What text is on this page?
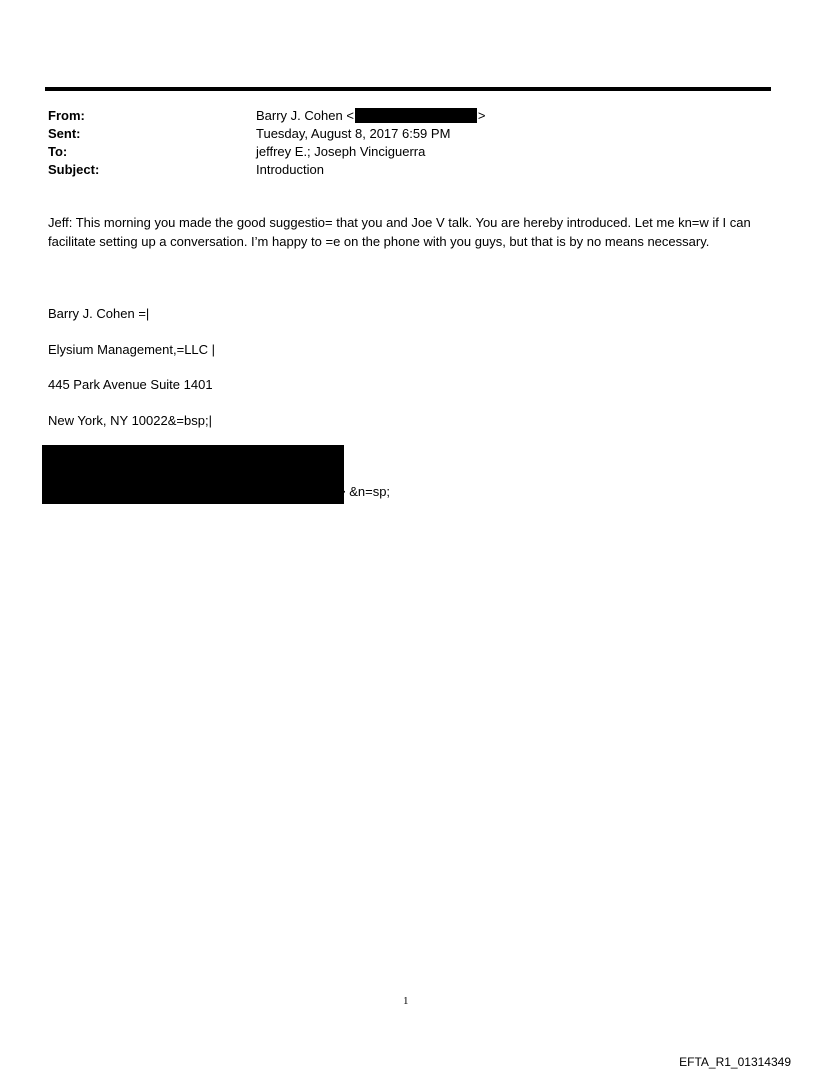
From:	Barry J. Cohen <	>
Sent:	Tuesday, August 8, 2017 6:59 PM
To:	jeffrey E.; Joseph Vinciguerra
Subject:	Introduction

Jeff: This morning you made the good suggestio= that you and Joe V talk. You are hereby introduced. Let me kn=w if I can facilitate setting up a conversation. I’m happy to =e on the phone with you guys, but that is by no means necessary.

Barry J. Cohen =|
Elysium Management,=LLC |
445 Park Avenue Suite 1401
New York, NY 10022&=bsp;|
> &n=sp;
1
EFTA_R1_01314349
